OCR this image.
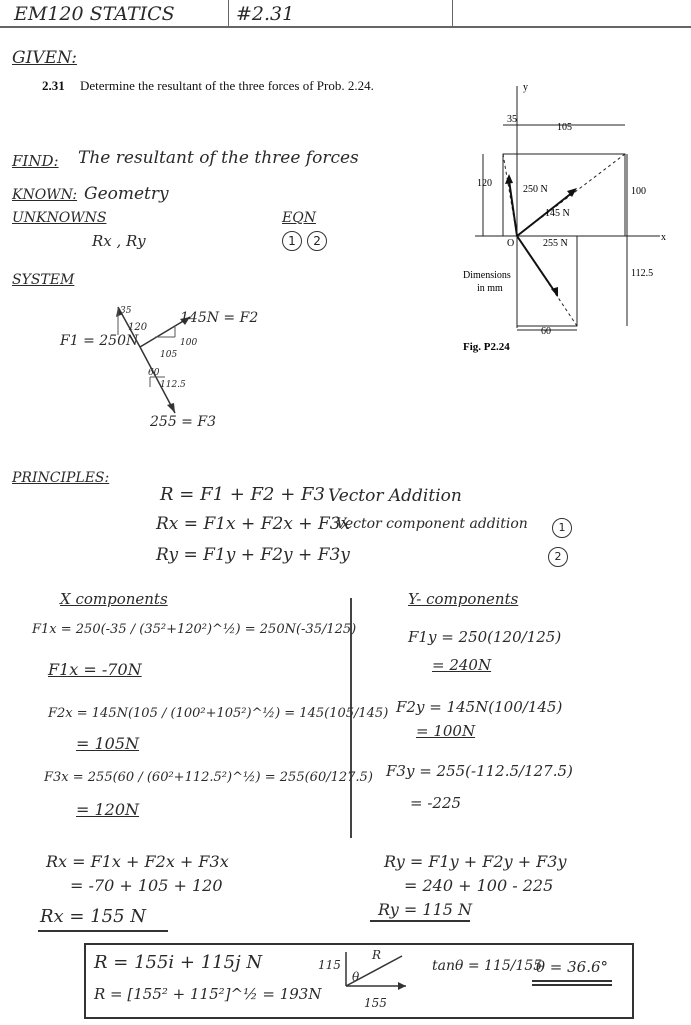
EM120 STATICS	#2.31
GIVEN:
2.31 Determine the resultant of the three forces of Prob. 2.24.
FIND: The resultant of the three forces
KNOWN: Geometry
UNKNOWNS
Rx , Ry
EQN
1 2
SYSTEM
F1 = 250N
145N = F2
255 = F3
35
120
100
105
60
112.5
y
x
O
35
105
120
100
112.5
60
250 N
145 N
255 N
Dimensions
in mm
Fig. P2.24
PRINCIPLES:
R = F1 + F2 + F3 Vector Addition
Rx = F1x + F2x + F3x
Vector component addition
Ry = F1y + F2y + F3y
1
2
X components
F1x = 250(-35 / (35²+120²)^½) = 250N(-35/125)
F1x = -70N
F2x = 145N(105 / (100²+105²)^½) = 145(105/145)
= 105N
F3x = 255(60 / (60²+112.5²)^½) = 255(60/127.5)
= 120N
Y- components
F1y = 250(120/125)
= 240N
F2y = 145N(100/145)
= 100N
F3y = 255(-112.5/127.5)
= -225
Rx = F1x + F2x + F3x
= -70 + 105 + 120
Rx = 155 N
Ry = F1y + F2y + F3y
= 240 + 100 - 225
Ry = 115 N
R = 155i + 115j N
R = [155² + 115²]^½ = 193N
115
155
R
θ
tanθ = 115/155
θ = 36.6°
